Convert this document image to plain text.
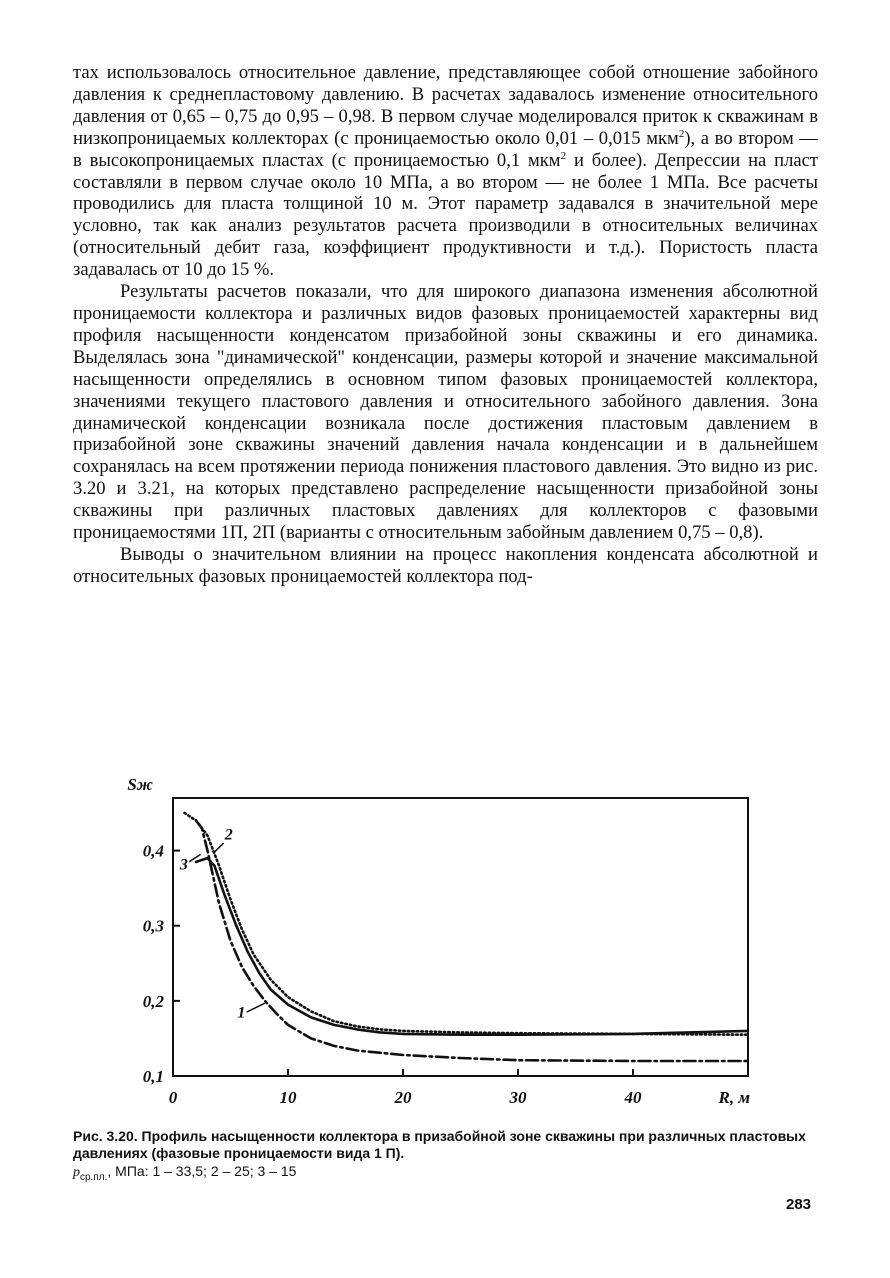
тах использовалось относительное давление, представляющее собой отношение забойного давления к среднепластовому давлению. В расчетах задавалось изменение относительного давления от 0,65 – 0,75 до 0,95 – 0,98. В первом случае моделировался приток к скважинам в низкопроницаемых коллекторах (с проницаемостью около 0,01 – 0,015 мкм$^2$), а во втором — в высокопроницаемых пластах (с проницаемостью 0,1 мкм$^2$ и более). Депрессии на пласт составляли в первом случае около 10 МПа, а во втором — не более 1 МПа. Все расчеты проводились для пласта толщиной 10 м. Этот параметр задавался в значительной мере условно, так как анализ результатов расчета производили в относительных величинах (относительный дебит газа, коэффициент продуктивности и т.д.). Пористость пласта задавалась от 10 до 15 %.

Результаты расчетов показали, что для широкого диапазона изменения абсолютной проницаемости коллектора и различных видов фазовых проницаемостей характерны вид профиля насыщенности конденсатом призабойной зоны скважины и его динамика. Выделялась зона "динамической" конденсации, размеры которой и значение максимальной насыщенности определялись в основном типом фазовых проницаемостей коллектора, значениями текущего пластового давления и относительного забойного давления. Зона динамической конденсации возникала после достижения пластовым давлением в призабойной зоне скважины значений давления начала конденсации и в дальнейшем сохранялась на всем протяжении периода понижения пластового давления. Это видно из рис. 3.20 и 3.21, на которых представлено распределение насыщенности призабойной зоны скважины при различных пластовых давлениях для коллекторов с фазовыми проницаемостями 1П, 2П (варианты с относительным забойным давлением 0,75 – 0,8).

Выводы о значительном влиянии на процесс накопления конденсата абсолютной и относительных фазовых проницаемостей коллектора под-

0	10	20	30	40
0,1
0,2
0,3
0,4
Sж
R, м
1
2
3
Рис. 3.20. Профиль насыщенности коллектора в призабойной зоне скважины при различных пластовых давлениях (фазовые проницаемости вида 1 П).
$p_{ср.пл.}$, МПа: 1 – 33,5; 2 – 25; 3 – 15
283
